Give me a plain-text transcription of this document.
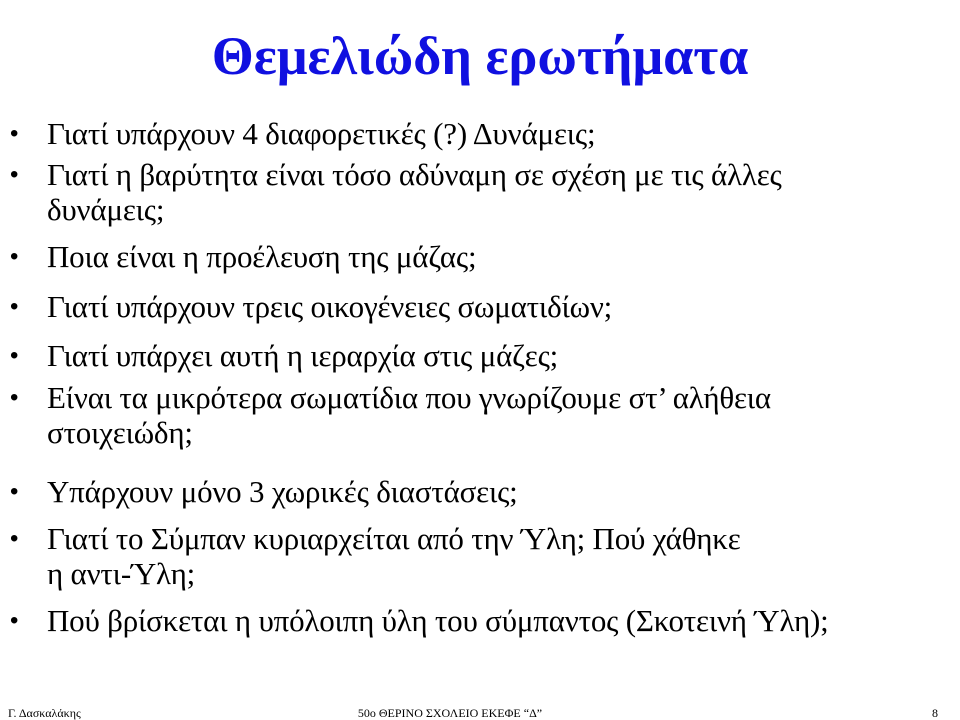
Θεμελιώδη ερωτήματα
• Γιατί υπάρχουν 4 διαφορετικές (?) Δυνάμεις;
• Γιατί η βαρύτητα είναι τόσο αδύναμη σε σχέση με τις άλλες
δυνάμεις;
• Ποια είναι η προέλευση της μάζας;
• Γιατί υπάρχουν τρεις οικογένειες σωματιδίων;
• Γιατί υπάρχει αυτή η ιεραρχία στις μάζες;
• Είναι τα μικρότερα σωματίδια που γνωρίζουμε στ’ αλήθεια
στοιχειώδη;
• Υπάρχουν μόνο 3 χωρικές διαστάσεις;
• Γιατί το Σύμπαν κυριαρχείται από την Ύλη; Πού χάθηκε
η αντι-Ύλη;
• Πού βρίσκεται η υπόλοιπη ύλη του σύμπαντος (Σκοτεινή Ύλη);
Γ. Δασκαλάκης	50ο ΘΕΡΙΝΟ ΣΧΟΛΕΙΟ ΕΚΕΦΕ “Δ”	8
